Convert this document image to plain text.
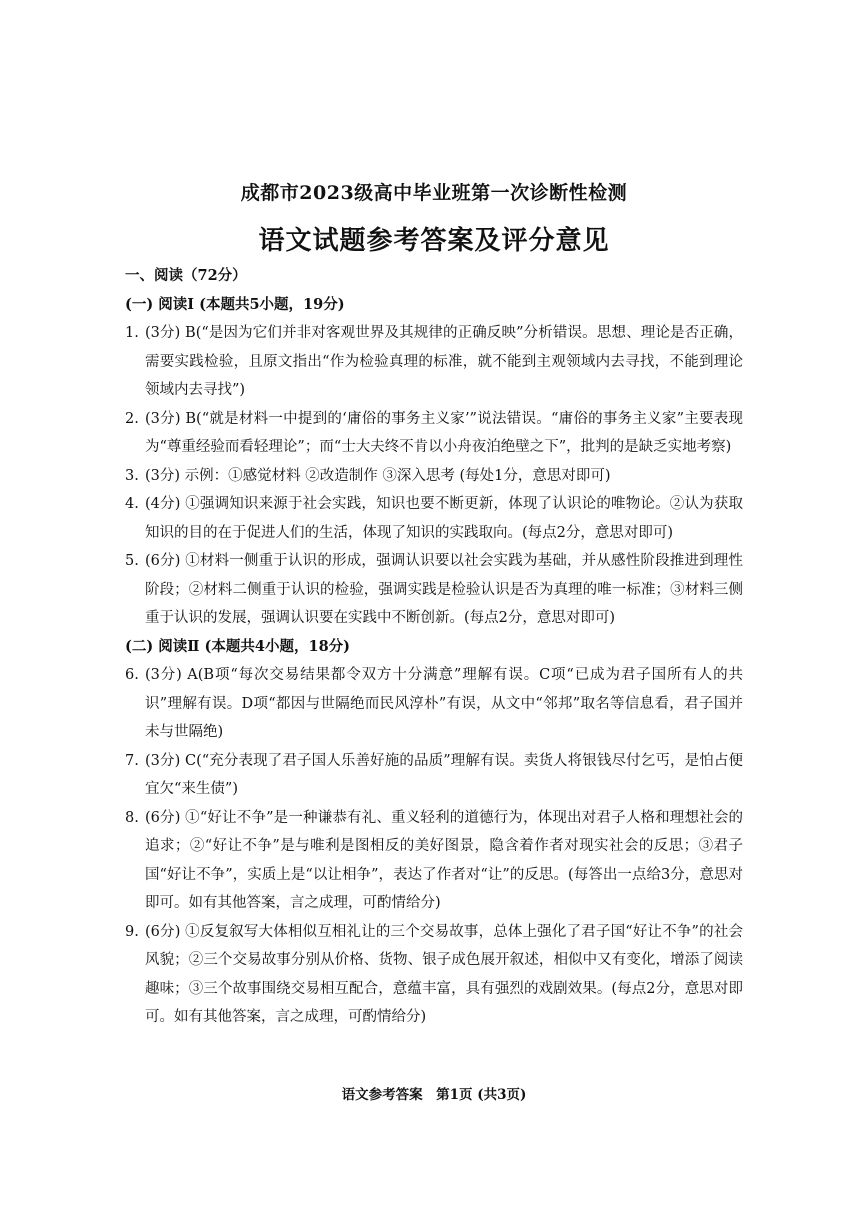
成都市2023级高中毕业班第一次诊断性检测
语文试题参考答案及评分意见
一、阅读（72分）
(一) 阅读Ⅰ (本题共5小题，19分)
1. (3分) B(“是因为它们并非对客观世界及其规律的正确反映”分析错误。思想、理论是否正确，需要实践检验，且原文指出“作为检验真理的标准，就不能到主观领域内去寻找，不能到理论领域内去寻找”)
2. (3分) B(“就是材料一中提到的‘庸俗的事务主义家’”说法错误。“庸俗的事务主义家”主要表现为“尊重经验而看轻理论”；而“士大夫终不肯以小舟夜泊绝壁之下”，批判的是缺乏实地考察)
3. (3分) 示例：①感觉材料 ②改造制作 ③深入思考 (每处1分，意思对即可)
4. (4分) ①强调知识来源于社会实践，知识也要不断更新，体现了认识论的唯物论。②认为获取知识的目的在于促进人们的生活，体现了知识的实践取向。(每点2分，意思对即可)
5. (6分) ①材料一侧重于认识的形成，强调认识要以社会实践为基础，并从感性阶段推进到理性阶段；②材料二侧重于认识的检验，强调实践是检验认识是否为真理的唯一标准；③材料三侧重于认识的发展，强调认识要在实践中不断创新。(每点2分，意思对即可)
(二) 阅读Ⅱ (本题共4小题，18分)
6. (3分) A(B项“每次交易结果都令双方十分满意”理解有误。C项“已成为君子国所有人的共识”理解有误。D项“都因与世隔绝而民风淳朴”有误，从文中“邻邦”取名等信息看，君子国并未与世隔绝)
7. (3分) C(“充分表现了君子国人乐善好施的品质”理解有误。卖货人将银钱尽付乞丐，是怕占便宜欠“来生债”)
8. (6分) ①“好让不争”是一种谦恭有礼、重义轻利的道德行为，体现出对君子人格和理想社会的追求；②“好让不争”是与唯利是图相反的美好图景，隐含着作者对现实社会的反思；③君子国“好让不争”，实质上是“以让相争”，表达了作者对“让”的反思。(每答出一点给3分，意思对即可。如有其他答案，言之成理，可酌情给分)
9. (6分) ①反复叙写大体相似互相礼让的三个交易故事，总体上强化了君子国“好让不争”的社会风貌；②三个交易故事分别从价格、货物、银子成色展开叙述，相似中又有变化，增添了阅读趣味；③三个故事围绕交易相互配合，意蕴丰富，具有强烈的戏剧效果。(每点2分，意思对即可。如有其他答案，言之成理，可酌情给分)
语文参考答案　第1页 (共3页)
